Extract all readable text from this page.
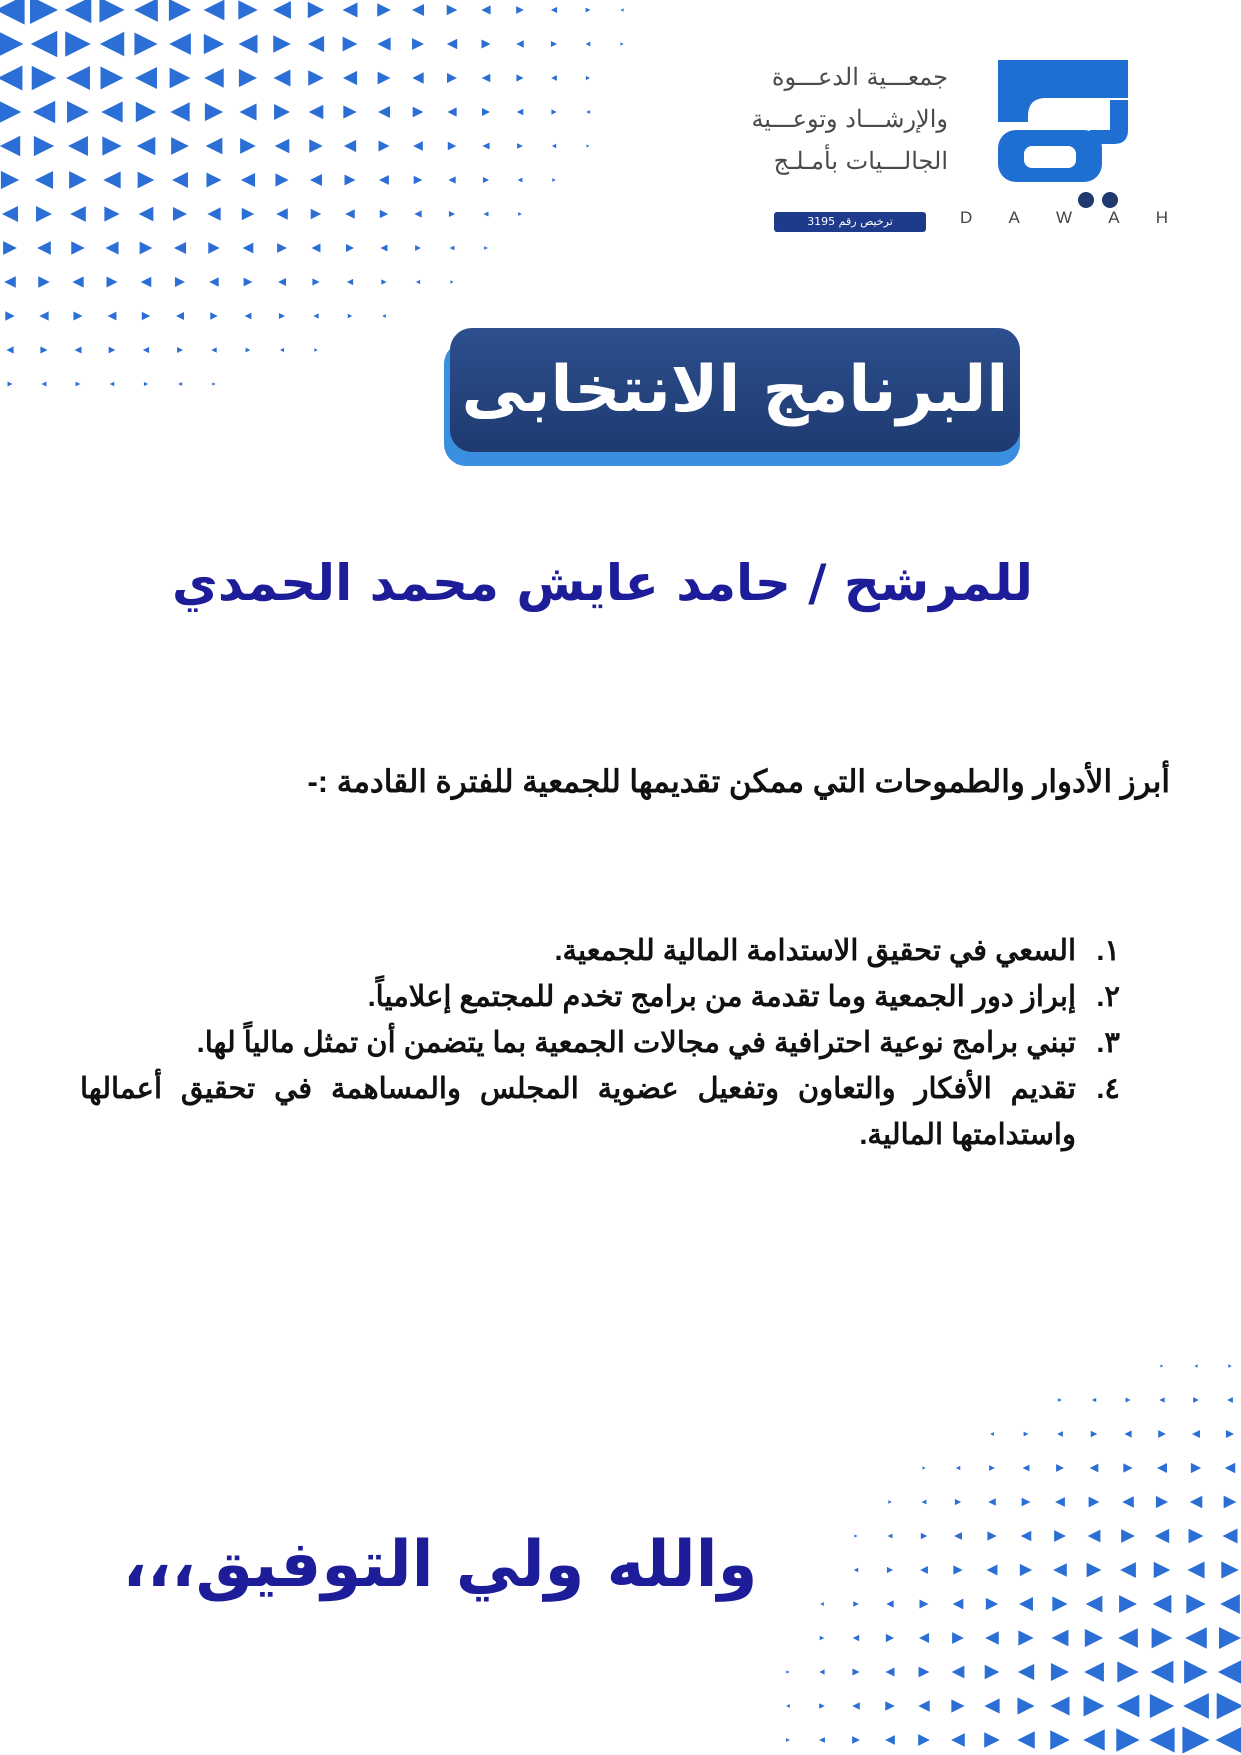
جمعـــية الدعـــوة
والإرشـــاد وتوعـــية
الجالـــيات بأمـلـج
ترخيص رقم 3195	D A W A H
البرنامج الانتخابى
للمرشح / حامد عايش محمد الحمدي
أبرز الأدوار والطموحات التي ممكن تقديمها للجمعية للفترة القادمة :-
١.
السعي في تحقيق الاستدامة المالية للجمعية.
٢.
إبراز دور الجمعية وما تقدمة من برامج تخدم للمجتمع إعلامياً.
٣.
تبني برامج نوعية احترافية في مجالات الجمعية بما يتضمن أن تمثل مالياً لها.
٤.
تقديم الأفكار والتعاون وتفعيل عضوية المجلس والمساهمة في تحقيق أعمالها واستدامتها المالية.
والله ولي التوفيق،،،
